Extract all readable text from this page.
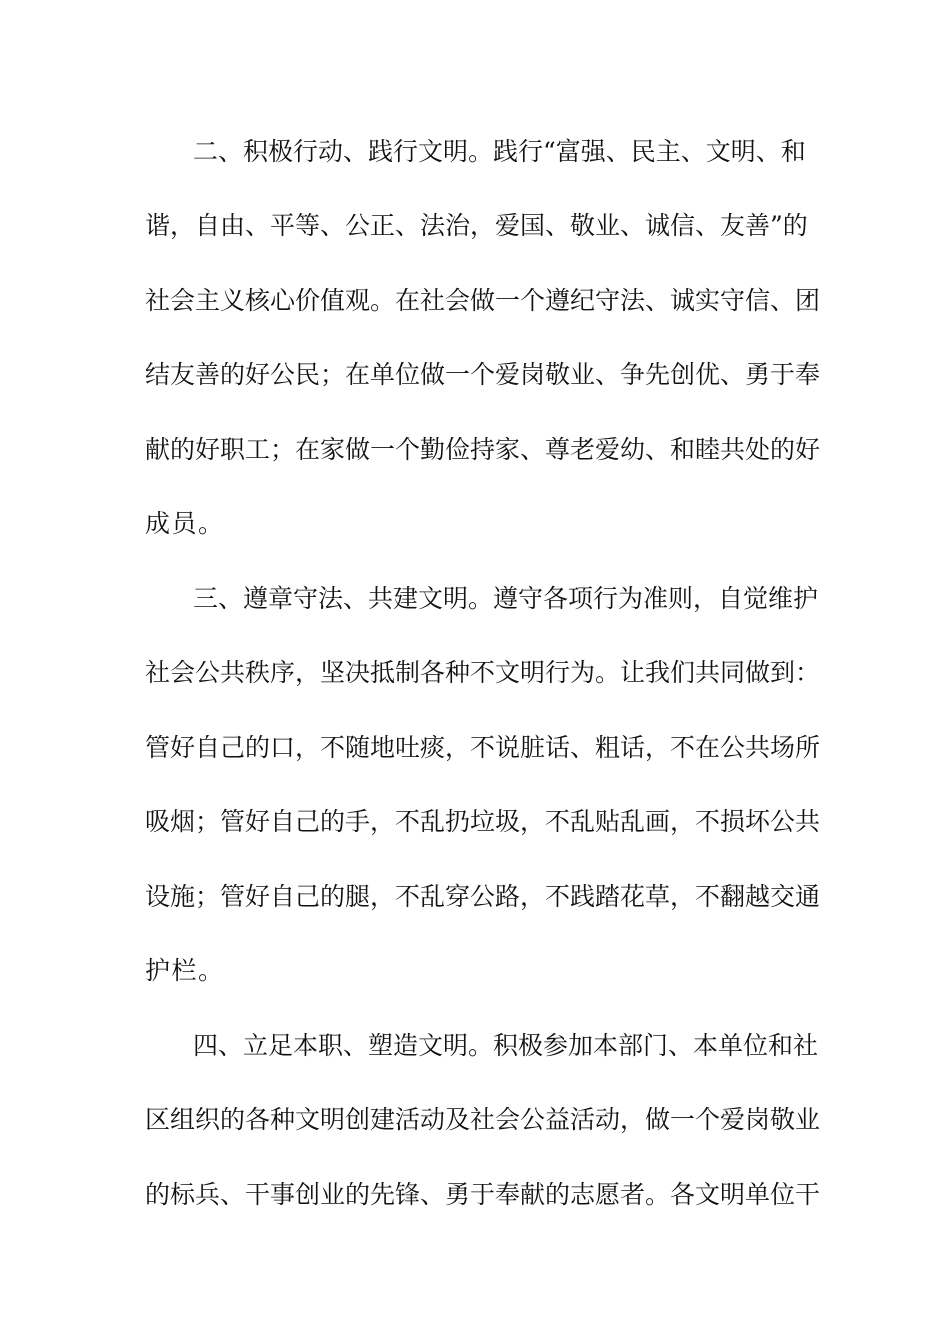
二、积极行动、践行文明。践行“富强、民主、文明、和
谐，自由、平等、公正、法治，爱国、敬业、诚信、友善”的
社会主义核心价值观。在社会做一个遵纪守法、诚实守信、团
结友善的好公民；在单位做一个爱岗敬业、争先创优、勇于奉
献的好职工；在家做一个勤俭持家、尊老爱幼、和睦共处的好
成员。
三、遵章守法、共建文明。遵守各项行为准则，自觉维护
社会公共秩序，坚决抵制各种不文明行为。让我们共同做到：
管好自己的口，不随地吐痰，不说脏话、粗话，不在公共场所
吸烟；管好自己的手，不乱扔垃圾，不乱贴乱画，不损坏公共
设施；管好自己的腿，不乱穿公路，不践踏花草，不翻越交通
护栏。
四、立足本职、塑造文明。积极参加本部门、本单位和社
区组织的各种文明创建活动及社会公益活动，做一个爱岗敬业
的标兵、干事创业的先锋、勇于奉献的志愿者。各文明单位干
